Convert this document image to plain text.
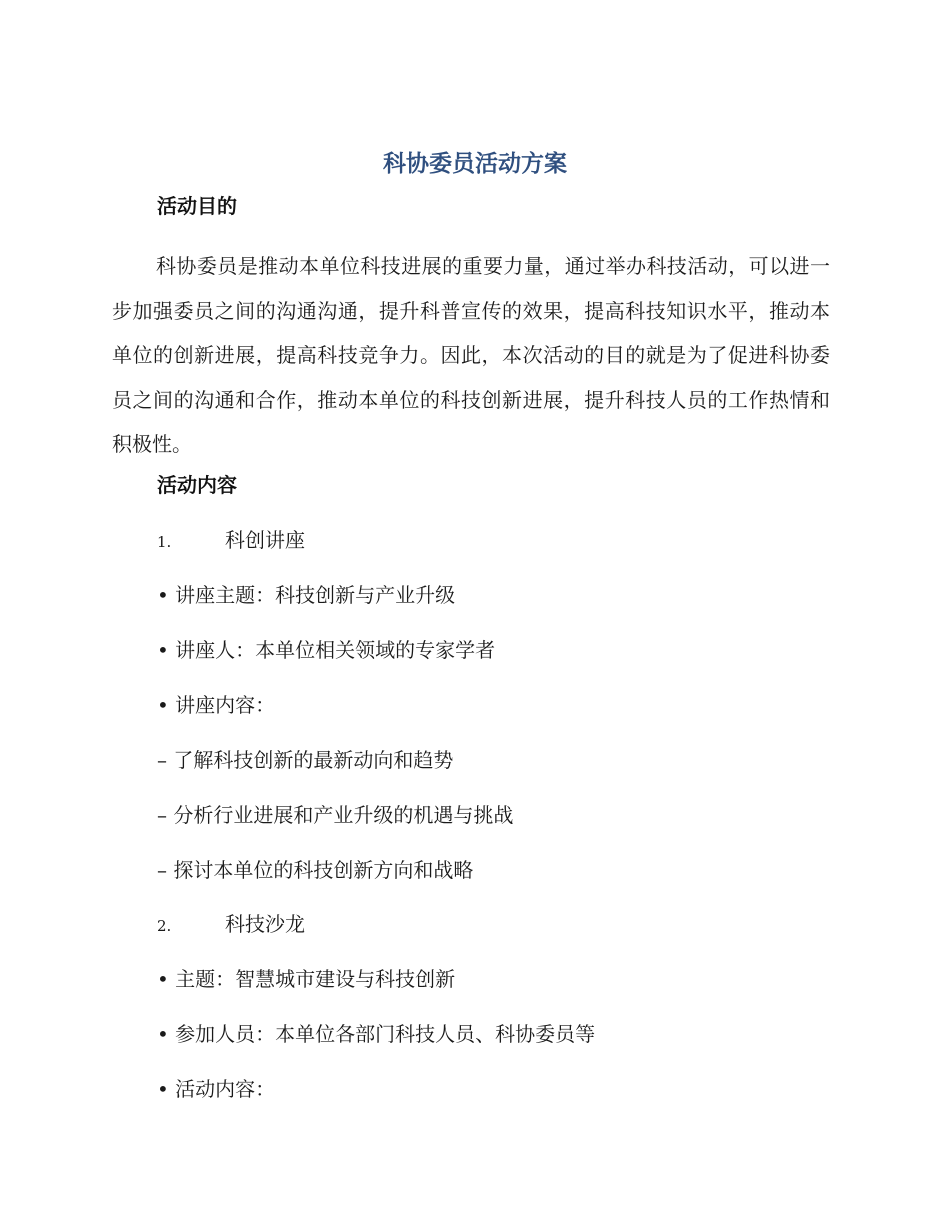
科协委员活动方案
活动目的

科协委员是推动本单位科技进展的重要力量，通过举办科技活动，可以进一步加强委员之间的沟通沟通，提升科普宣传的效果，提高科技知识水平，推动本单位的创新进展，提高科技竞争力。因此，本次活动的目的就是为了促进科协委员之间的沟通和合作，推动本单位的科技创新进展，提升科技人员的工作热情和积极性。

活动内容
1.	科创讲座
• 讲座主题：科技创新与产业升级
• 讲座人：本单位相关领域的专家学者
• 讲座内容：
– 了解科技创新的最新动向和趋势
– 分析行业进展和产业升级的机遇与挑战
– 探讨本单位的科技创新方向和战略
2.	科技沙龙
• 主题：智慧城市建设与科技创新
• 参加人员：本单位各部门科技人员、科协委员等
• 活动内容：
